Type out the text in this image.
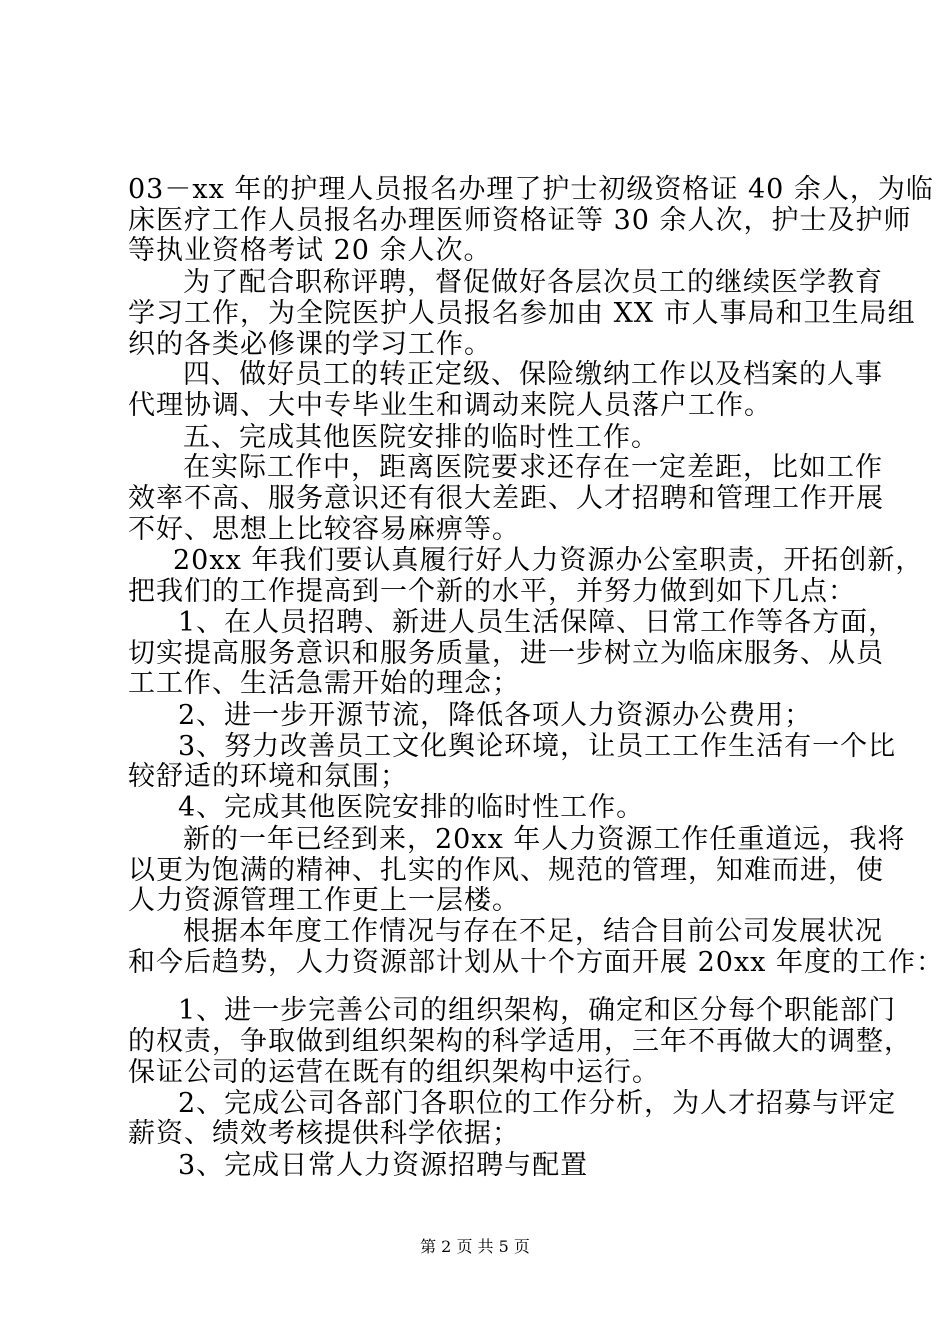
03－xx 年的护理人员报名办理了护士初级资格证 40 余人，为临
床医疗工作人员报名办理医师资格证等 30 余人次，护士及护师
等执业资格考试 20 余人次。
为了配合职称评聘，督促做好各层次员工的继续医学教育
学习工作，为全院医护人员报名参加由 XX 市人事局和卫生局组
织的各类必修课的学习工作。
四、做好员工的转正定级、保险缴纳工作以及档案的人事
代理协调、大中专毕业生和调动来院人员落户工作。
五、完成其他医院安排的临时性工作。
在实际工作中，距离医院要求还存在一定差距，比如工作
效率不高、服务意识还有很大差距、人才招聘和管理工作开展
不好、思想上比较容易麻痹等。
20xx 年我们要认真履行好人力资源办公室职责，开拓创新，
把我们的工作提高到一个新的水平，并努力做到如下几点：
1、在人员招聘、新进人员生活保障、日常工作等各方面，
切实提高服务意识和服务质量，进一步树立为临床服务、从员
工工作、生活急需开始的理念；
2、进一步开源节流，降低各项人力资源办公费用；
3、努力改善员工文化舆论环境，让员工工作生活有一个比
较舒适的环境和氛围；
4、完成其他医院安排的临时性工作。
新的一年已经到来，20xx 年人力资源工作任重道远，我将
以更为饱满的精神、扎实的作风、规范的管理，知难而进，使
人力资源管理工作更上一层楼。
根据本年度工作情况与存在不足，结合目前公司发展状况
和今后趋势，人力资源部计划从十个方面开展 20xx 年度的工作：
1、进一步完善公司的组织架构，确定和区分每个职能部门
的权责，争取做到组织架构的科学适用，三年不再做大的调整，
保证公司的运营在既有的组织架构中运行。
2、完成公司各部门各职位的工作分析，为人才招募与评定
薪资、绩效考核提供科学依据；
3、完成日常人力资源招聘与配置
第 2 页 共 5 页
